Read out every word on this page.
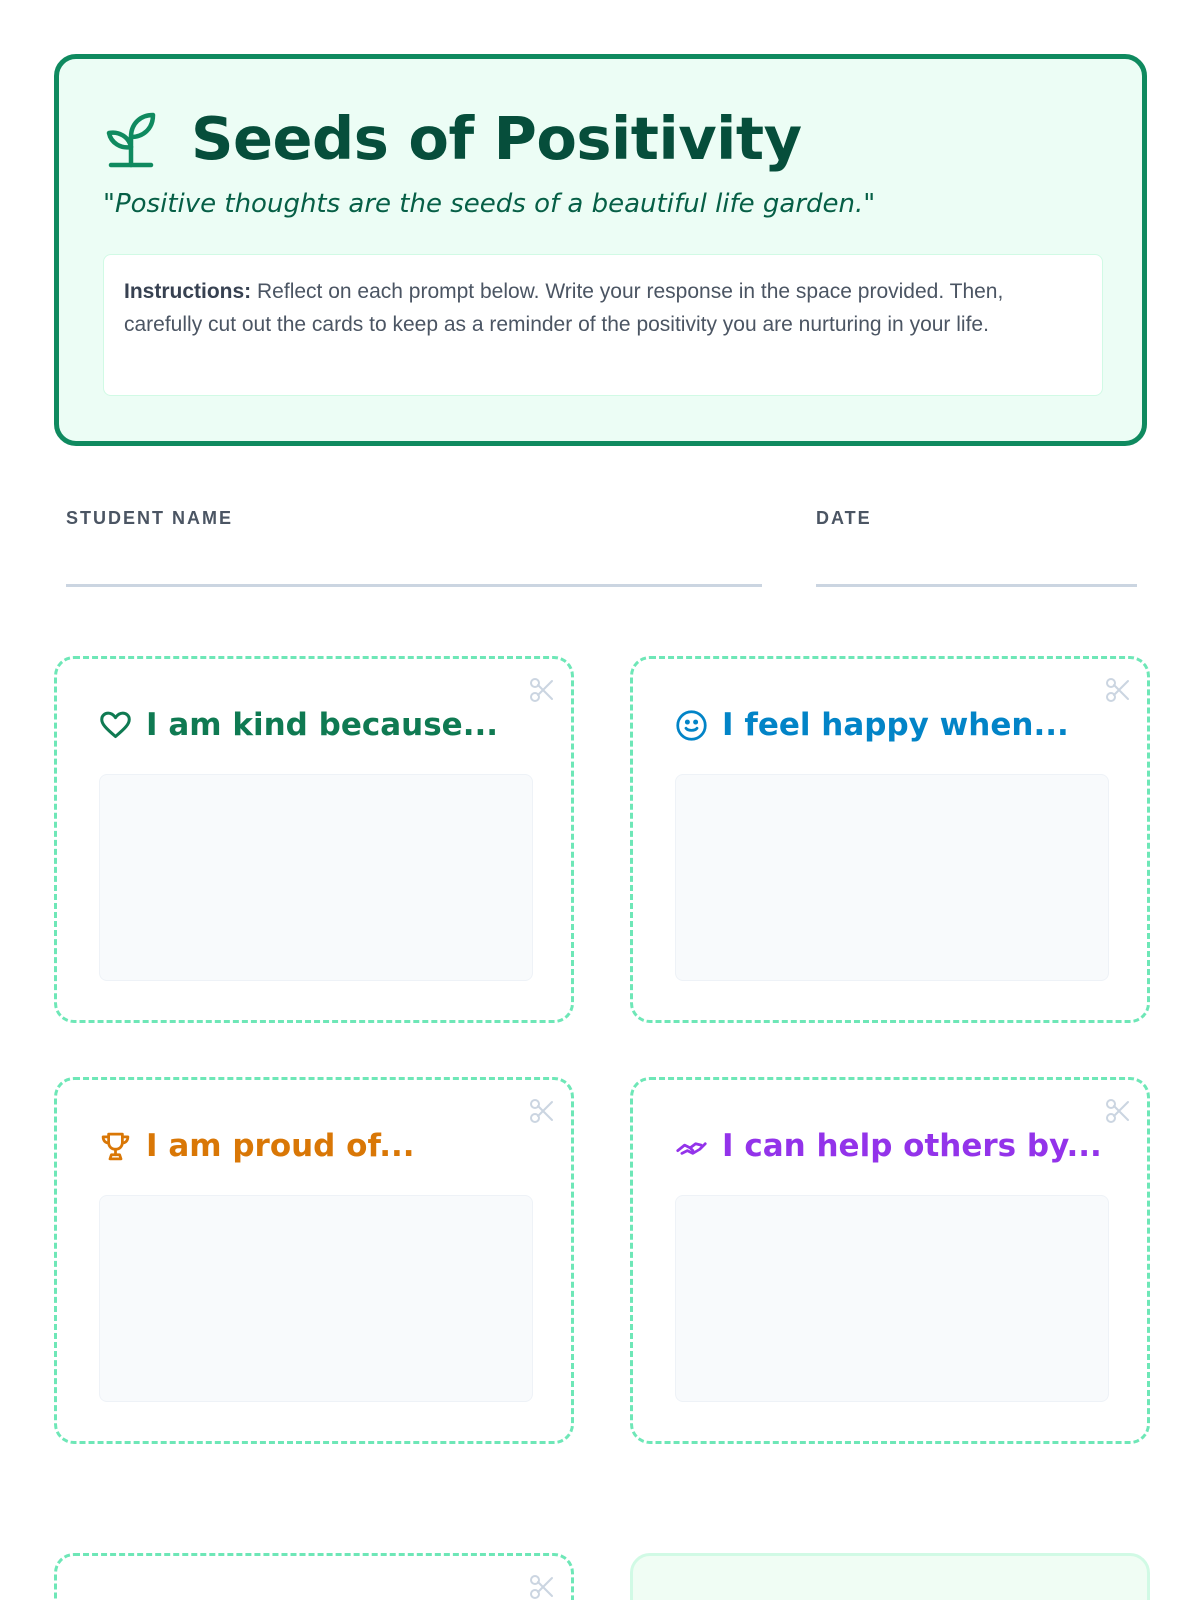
Seeds of Positivity

"Positive thoughts are the seeds of a beautiful life garden."

Instructions: Reflect on each prompt below. Write your response in the space provided. Then, carefully cut out the cards to keep as a reminder of the positivity you are nurturing in your life.
STUDENT NAME	DATE
I am kind because...	I feel happy when...
I am proud of...	I can help others by...
